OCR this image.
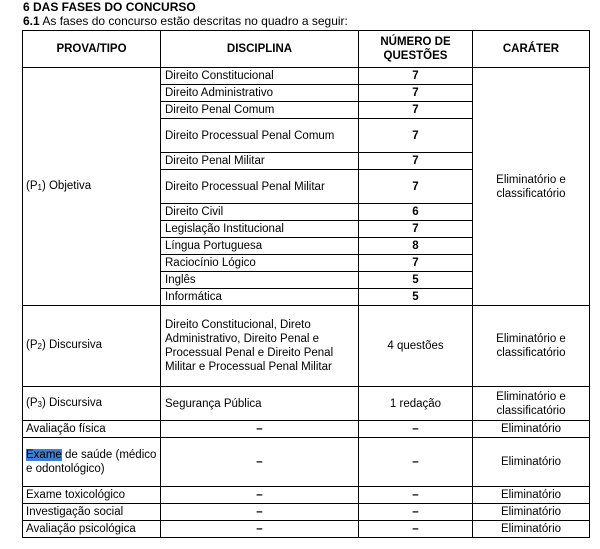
6 DAS FASES DO CONCURSO
6.1 As fases do concurso estão descritas no quadro a seguir:
PROVA/TIPO	DISCIPLINA	NÚMERO DE QUESTÕES	CARÁTER
$(P_1)$ Objetiva	Direito Constitucional	7	Eliminatório e classificatório
	Direito Administrativo	7	
	Direito Penal Comum	7	
	Direito Processual Penal Comum	7	
	Direito Penal Militar	7	
	Direito Processual Penal Militar	7	
	Direito Civil	6	
	Legislação Institucional	7	
	Língua Portuguesa	8	
	Raciocínio Lógico	7	
	Inglês	5	
	Informática	5	
$(P_2)$ Discursiva	Direito Constitucional, Direto Administrativo, Direito Penal e Processual Penal e Direito Penal Militar e Processual Penal Militar	4 questões	Eliminatório e classificatório
$(P_3)$ Discursiva	Segurança Pública	1 redação	Eliminatório e classificatório
Avaliação física	–	–	Eliminatório
Exame de saúde (médico e odontológico)	–	–	Eliminatório
Exame toxicológico	–	–	Eliminatório
Investigação social	–	–	Eliminatório
Avaliação psicológica	–	–	Eliminatório
